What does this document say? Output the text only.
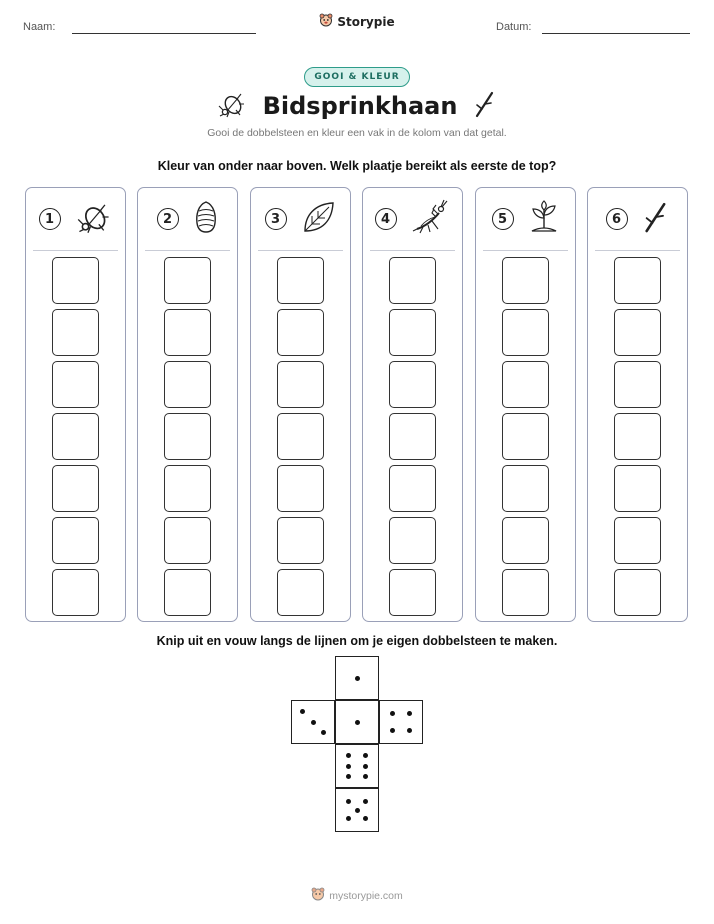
Naam:	Storypie	Datum:
GOOI & KLEUR
Bidsprinkhaan
Gooi de dobbelsteen en kleur een vak in de kolom van dat getal.
Kleur van onder naar boven. Welk plaatje bereikt als eerste de top?
1	2	3	4	5	6
Knip uit en vouw langs de lijnen om je eigen dobbelsteen te maken.
mystorypie.com
